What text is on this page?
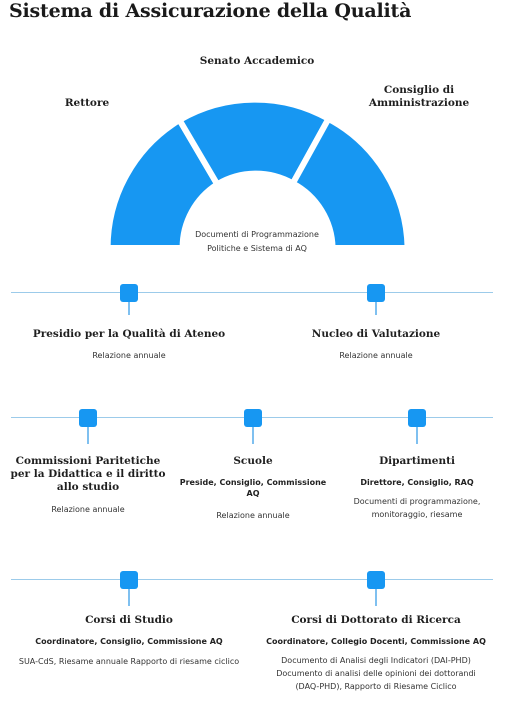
Sistema di Assicurazione della Qualità
Senato Accademico
Rettore
Consiglio di
Amministrazione
Documenti di Programmazione
Politiche e Sistema di AQ
Presidio per la Qualità di Ateneo
Relazione annuale
Nucleo di Valutazione
Relazione annuale
Commissioni Paritetiche
per la Didattica e il diritto
allo studio
Relazione annuale
Scuole
Preside, Consiglio, Commissione
AQ
Relazione annuale
Dipartimenti
Direttore, Consiglio, RAQ
Documenti di programmazione,
monitoraggio, riesame
Corsi di Studio
Coordinatore, Consiglio, Commissione AQ
SUA-CdS, Riesame annuale Rapporto di riesame ciclico
Corsi di Dottorato di Ricerca
Coordinatore, Collegio Docenti, Commissione AQ
Documento di Analisi degli Indicatori (DAI-PHD)
Documento di analisi delle opinioni dei dottorandi
(DAQ-PHD), Rapporto di Riesame Ciclico
